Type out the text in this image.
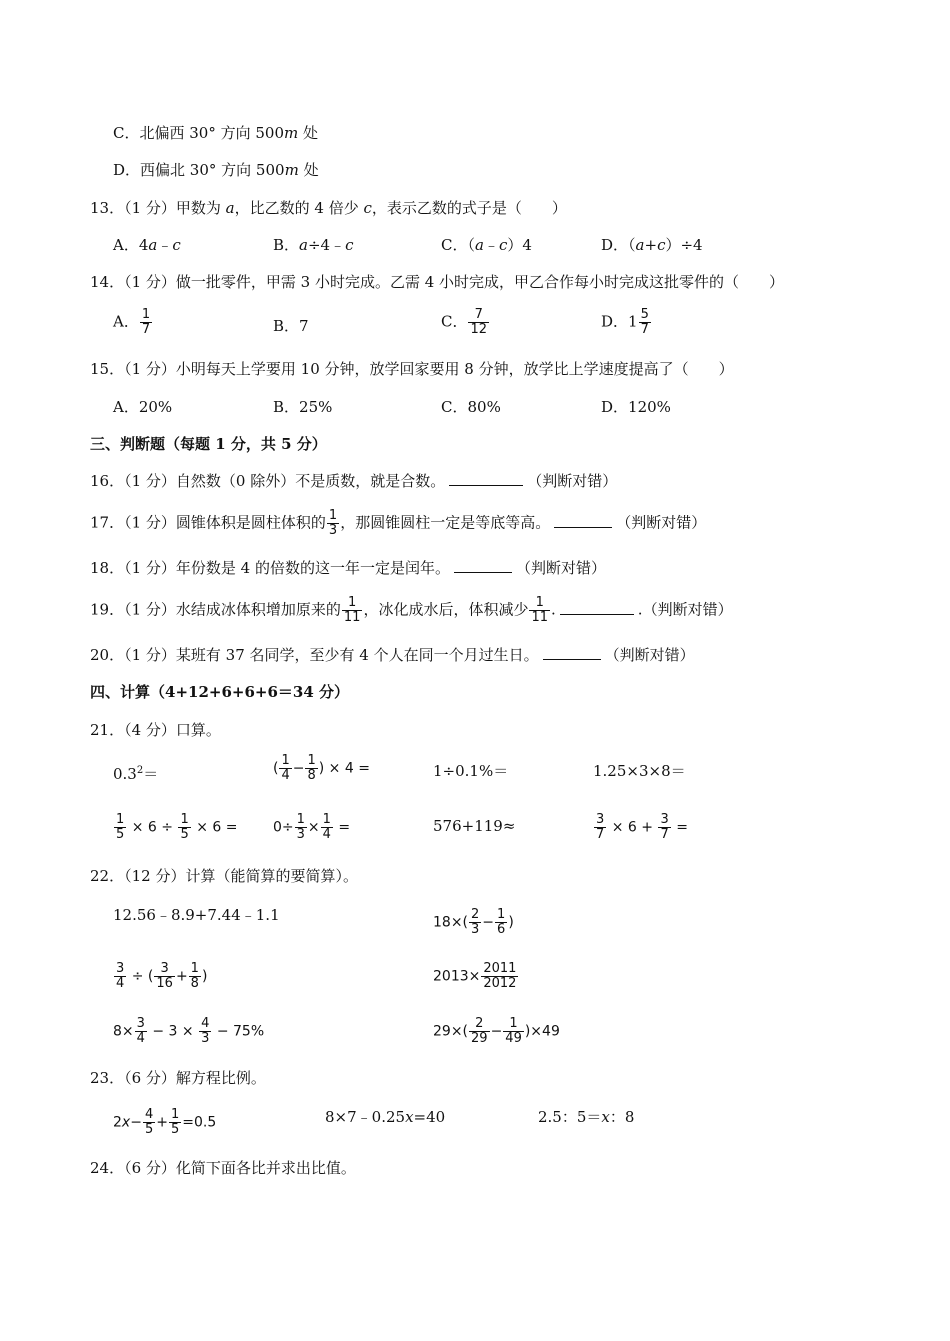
C．北偏西 30° 方向 500m 处
D．西偏北 30° 方向 500m 处
13．（1 分）甲数为 a，比乙数的 4 倍少 c，表示乙数的式子是（　　）
A．4a﹣c	B．a÷4﹣c	C．（a﹣c）4	D．（a+c）÷4
14．（1 分）做一批零件，甲需 3 小时完成。乙需 4 小时完成，甲乙合作每小时完成这批零件的（　　）
A． $\frac{1}{7}$	B．7	C． $\frac{7}{12}$	D．$1 \frac{5}{7}$
15．（1 分）小明每天上学要用 10 分钟，放学回家要用 8 分钟，放学比上学速度提高了（　　）
A．20%	B．25%	C．80%	D．120%
三、判断题（每题 1 分，共 5 分）
16．（1 分）自然数（0 除外）不是质数，就是合数。	（判断对错）
17．（1 分）圆锥体积是圆柱体积的 $\frac{1}{3}$ ，那圆锥圆柱一定是等底等高。	（判断对错）
18．（1 分）年份数是 4 的倍数的这一年一定是闰年。	（判断对错）
19．（1 分）水结成冰体积增加原来的 $\frac{1}{11}$ ，冰化成水后，体积减少 $\frac{1}{11}$ .	.（判断对错）
20．（1 分）某班有 37 名同学，至少有 4 个人在同一个月过生日。	（判断对错）
四、计算（4+12+6+6+6＝34 分）
21．（4 分）口算。
$0.3^2=$	( $\frac{1}{4} - \frac{1}{8}$ ) × 4 =	1÷0.1%＝	1.25×3×8＝
$\frac{1}{5} \times 6 \div \frac{1}{5} \times 6$ =	$0\div \frac{1}{3} \times \frac{1}{4}$ =	576+119≈	$\frac{3}{7} \times 6 + \frac{3}{7}$ =
22．（12 分）计算（能简算的要简算）。
12.56﹣8.9+7.44﹣1.1	$18\times( \frac{2}{3} - \frac{1}{6}$ )
$\frac{3}{4}$ ÷ ( $\frac{3}{16} + \frac{1}{8}$ )	$2013\times \frac{2011}{2012}$
$8\times \frac{3}{4} - 3 \times \frac{4}{3} - 75\%$	$29\times( \frac{2}{29} - \frac{1}{49} )\times 49$
23．（6 分）解方程比例。
$2x- \frac{4}{5} + \frac{1}{5} =0.5$	8×7﹣0.25x=40	2.5：5＝x：8
24．（6 分）化简下面各比并求出比值。
